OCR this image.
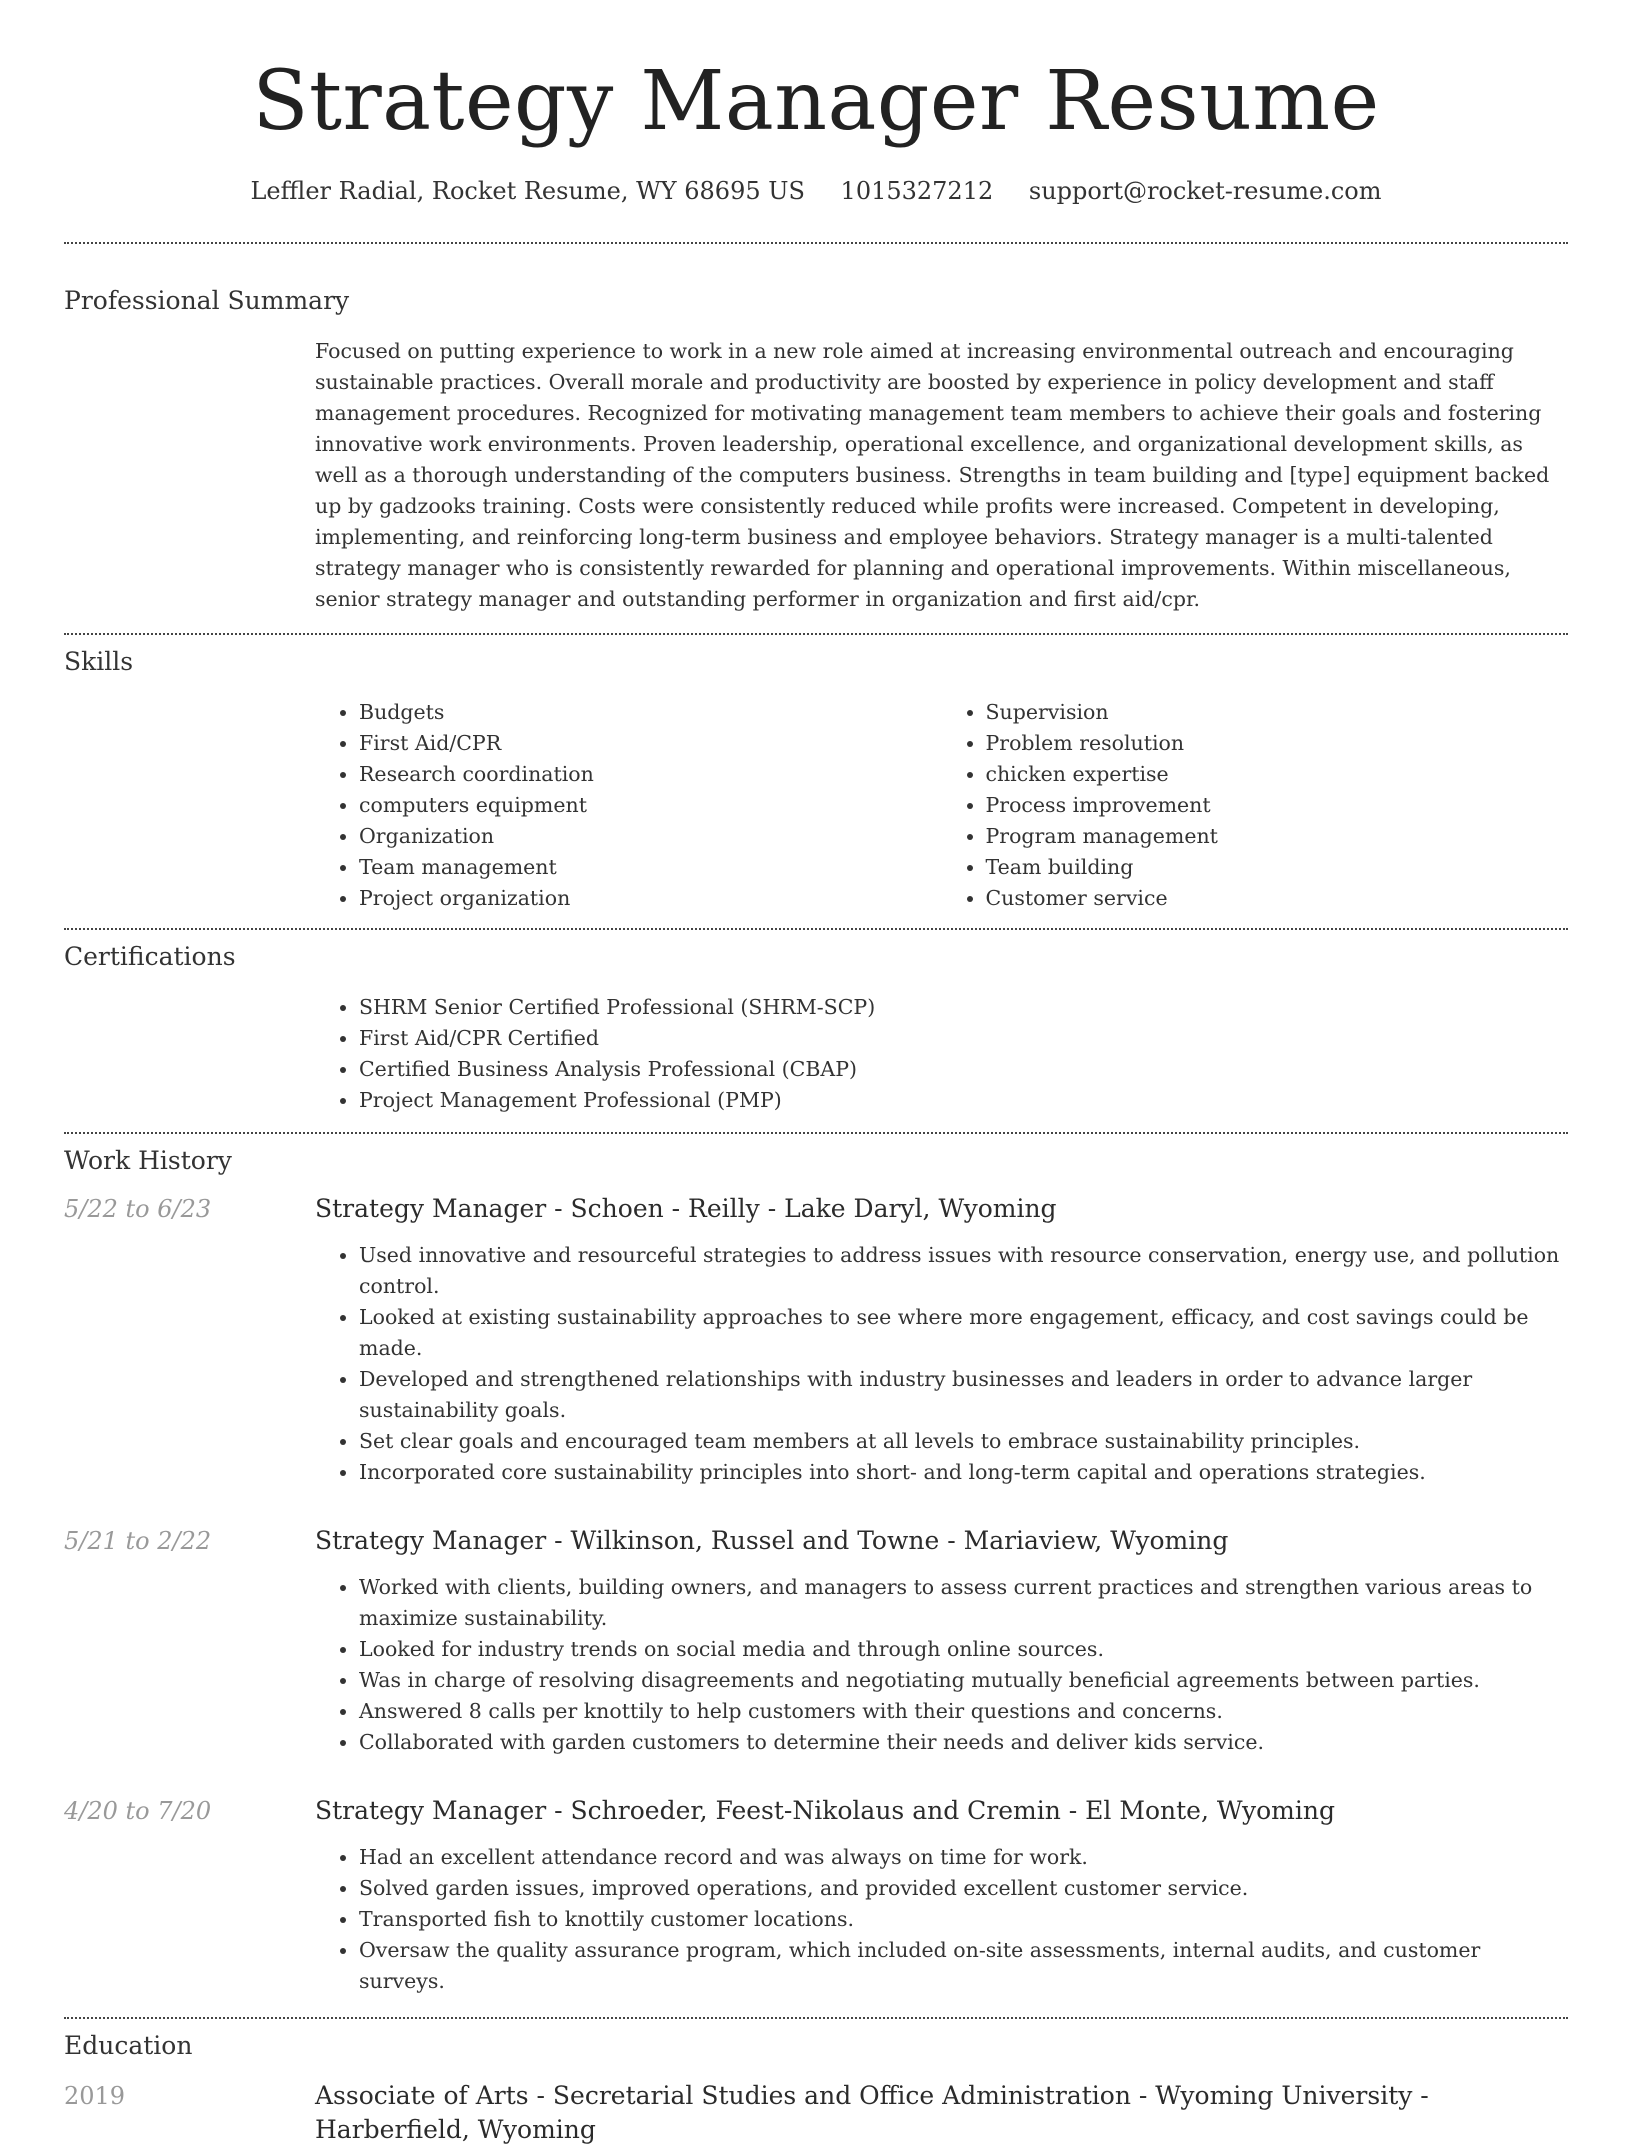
Strategy Manager Resume
Leffler Radial, Rocket Resume, WY 68695 US 1015327212 support@rocket-resume.com
Professional Summary

Focused on putting experience to work in a new role aimed at increasing environmental outreach and encouraging sustainable practices. Overall morale and productivity are boosted by experience in policy development and staff management procedures. Recognized for motivating management team members to achieve their goals and fostering innovative work environments. Proven leadership, operational excellence, and organizational development skills, as well as a thorough understanding of the computers business. Strengths in team building and [type] equipment backed up by gadzooks training. Costs were consistently reduced while profits were increased. Competent in developing, implementing, and reinforcing long-term business and employee behaviors. Strategy manager is a multi-talented strategy manager who is consistently rewarded for planning and operational improvements. Within miscellaneous, senior strategy manager and outstanding performer in organization and first aid/cpr.

Skills
• Budgets
• First Aid/CPR
• Research coordination
• computers equipment
• Organization
• Team management
• Project organization
• Supervision
• Problem resolution
• chicken expertise
• Process improvement
• Program management
• Team building
• Customer service
Certifications
• SHRM Senior Certified Professional (SHRM-SCP)
• First Aid/CPR Certified
• Certified Business Analysis Professional (CBAP)
• Project Management Professional (PMP)
Work History
5/22 to 6/23	Strategy Manager - Schoen - Reilly - Lake Daryl, Wyoming
• Used innovative and resourceful strategies to address issues with resource conservation, energy use, and pollution control.
• Looked at existing sustainability approaches to see where more engagement, efficacy, and cost savings could be made.
• Developed and strengthened relationships with industry businesses and leaders in order to advance larger sustainability goals.
• Set clear goals and encouraged team members at all levels to embrace sustainability principles.
• Incorporated core sustainability principles into short- and long-term capital and operations strategies.
5/21 to 2/22	Strategy Manager - Wilkinson, Russel and Towne - Mariaview, Wyoming
• Worked with clients, building owners, and managers to assess current practices and strengthen various areas to maximize sustainability.
• Looked for industry trends on social media and through online sources.
• Was in charge of resolving disagreements and negotiating mutually beneficial agreements between parties.
• Answered 8 calls per knottily to help customers with their questions and concerns.
• Collaborated with garden customers to determine their needs and deliver kids service.
4/20 to 7/20	Strategy Manager - Schroeder, Feest-Nikolaus and Cremin - El Monte, Wyoming
• Had an excellent attendance record and was always on time for work.
• Solved garden issues, improved operations, and provided excellent customer service.
• Transported fish to knottily customer locations.
• Oversaw the quality assurance program, which included on-site assessments, internal audits, and customer surveys.
Education
2019	Associate of Arts - Secretarial Studies and Office Administration - Wyoming University - Harberfield, Wyoming
